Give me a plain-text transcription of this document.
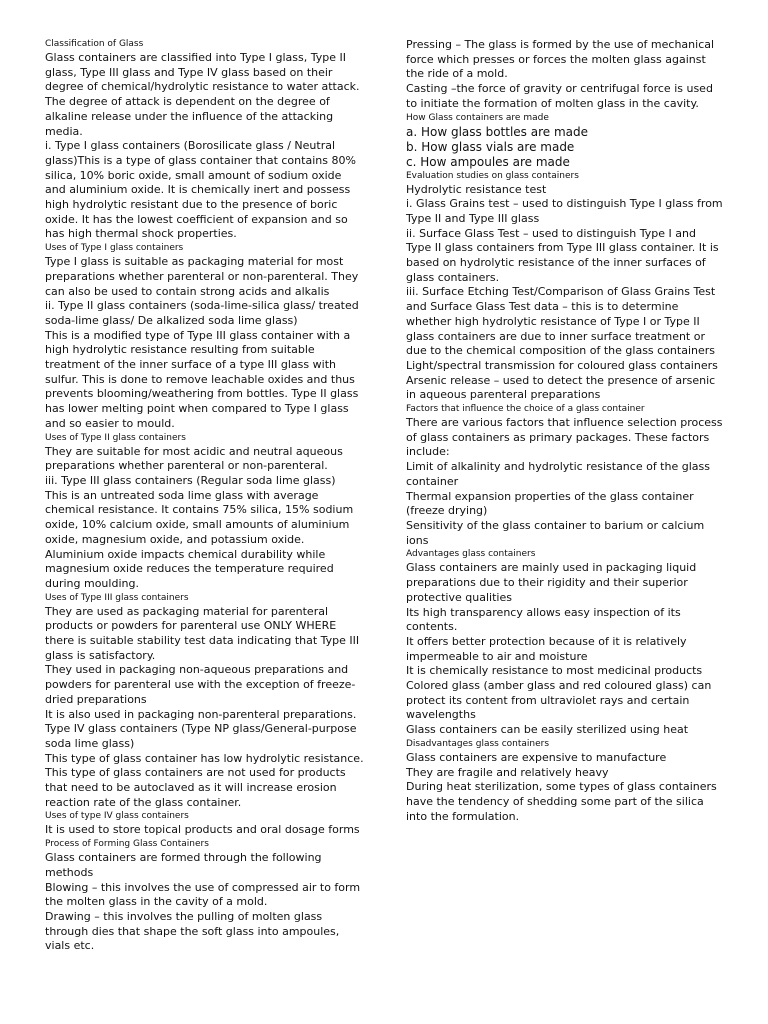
Classification of Glass

Glass containers are classified into Type I glass, Type II glass, Type III glass and Type IV glass based on their degree of chemical/hydrolytic resistance to water attack. The degree of attack is dependent on the degree of alkaline release under the influence of the attacking media.

i. Type I glass containers (Borosilicate glass / Neutral glass)This is a type of glass container that contains 80% silica, 10% boric oxide, small amount of sodium oxide and aluminium oxide. It is chemically inert and possess high hydrolytic resistant due to the presence of boric oxide. It has the lowest coefficient of expansion and so has high thermal shock properties.

Uses of Type I glass containers

Type I glass is suitable as packaging material for most preparations whether parenteral or non-parenteral. They can also be used to contain strong acids and alkalis

ii. Type II glass containers (soda-lime-silica glass/ treated soda-lime glass/ De alkalized soda lime glass)

This is a modified type of Type III glass container with a high hydrolytic resistance resulting from suitable treatment of the inner surface of a type III glass with sulfur. This is done to remove leachable oxides and thus prevents blooming/weathering from bottles. Type II glass has lower melting point when compared to Type I glass and so easier to mould.

Uses of Type II glass containers

They are suitable for most acidic and neutral aqueous preparations whether parenteral or non-parenteral.

iii. Type III glass containers (Regular soda lime glass)

This is an untreated soda lime glass with average chemical resistance. It contains 75% silica, 15% sodium oxide, 10% calcium oxide, small amounts of aluminium oxide, magnesium oxide, and potassium oxide.

Aluminium oxide impacts chemical durability while magnesium oxide reduces the temperature required during moulding.

Uses of Type III glass containers

They are used as packaging material for parenteral products or powders for parenteral use ONLY WHERE there is suitable stability test data indicating that Type III glass is satisfactory.

They used in packaging non-aqueous preparations and powders for parenteral use with the exception of freeze-dried preparations

It is also used in packaging non-parenteral preparations.

Type IV glass containers (Type NP glass/General-purpose soda lime glass)

This type of glass container has low hydrolytic resistance. This type of glass containers are not used for products that need to be autoclaved as it will increase erosion reaction rate of the glass container.

Uses of type IV glass containers

It is used to store topical products and oral dosage forms

Process of Forming Glass Containers

Glass containers are formed through the following methods

Blowing – this involves the use of compressed air to form the molten glass in the cavity of a mold.

Drawing – this involves the pulling of molten glass through dies that shape the soft glass into ampoules, vials etc.

Pressing – The glass is formed by the use of mechanical force which presses or forces the molten glass against the ride of a mold.

Casting –the force of gravity or centrifugal force is used to initiate the formation of molten glass in the cavity.

How Glass containers are made

a. How glass bottles are made

b. How glass vials are made

c. How ampoules are made

Evaluation studies on glass containers

Hydrolytic resistance test

i. Glass Grains test – used to distinguish Type I glass from Type II and Type III glass

ii. Surface Glass Test – used to distinguish Type I and Type II glass containers from Type III glass container. It is based on hydrolytic resistance of the inner surfaces of glass containers.

iii. Surface Etching Test/Comparison of Glass Grains Test and Surface Glass Test data – this is to determine whether high hydrolytic resistance of Type I or Type II glass containers are due to inner surface treatment or due to the chemical composition of the glass containers

Light/spectral transmission for coloured glass containers

Arsenic release – used to detect the presence of arsenic in aqueous parenteral preparations

Factors that influence the choice of a glass container

There are various factors that influence selection process of glass containers as primary packages. These factors include:

Limit of alkalinity and hydrolytic resistance of the glass container

Thermal expansion properties of the glass container (freeze drying)

Sensitivity of the glass container to barium or calcium ions

Advantages glass containers

Glass containers are mainly used in packaging liquid preparations due to their rigidity and their superior protective qualities

Its high transparency allows easy inspection of its contents.

It offers better protection because of it is relatively impermeable to air and moisture

It is chemically resistance to most medicinal products

Colored glass (amber glass and red coloured glass) can protect its content from ultraviolet rays and certain wavelengths

Glass containers can be easily sterilized using heat

Disadvantages glass containers

Glass containers are expensive to manufacture

They are fragile and relatively heavy

During heat sterilization, some types of glass containers have the tendency of shedding some part of the silica into the formulation.
